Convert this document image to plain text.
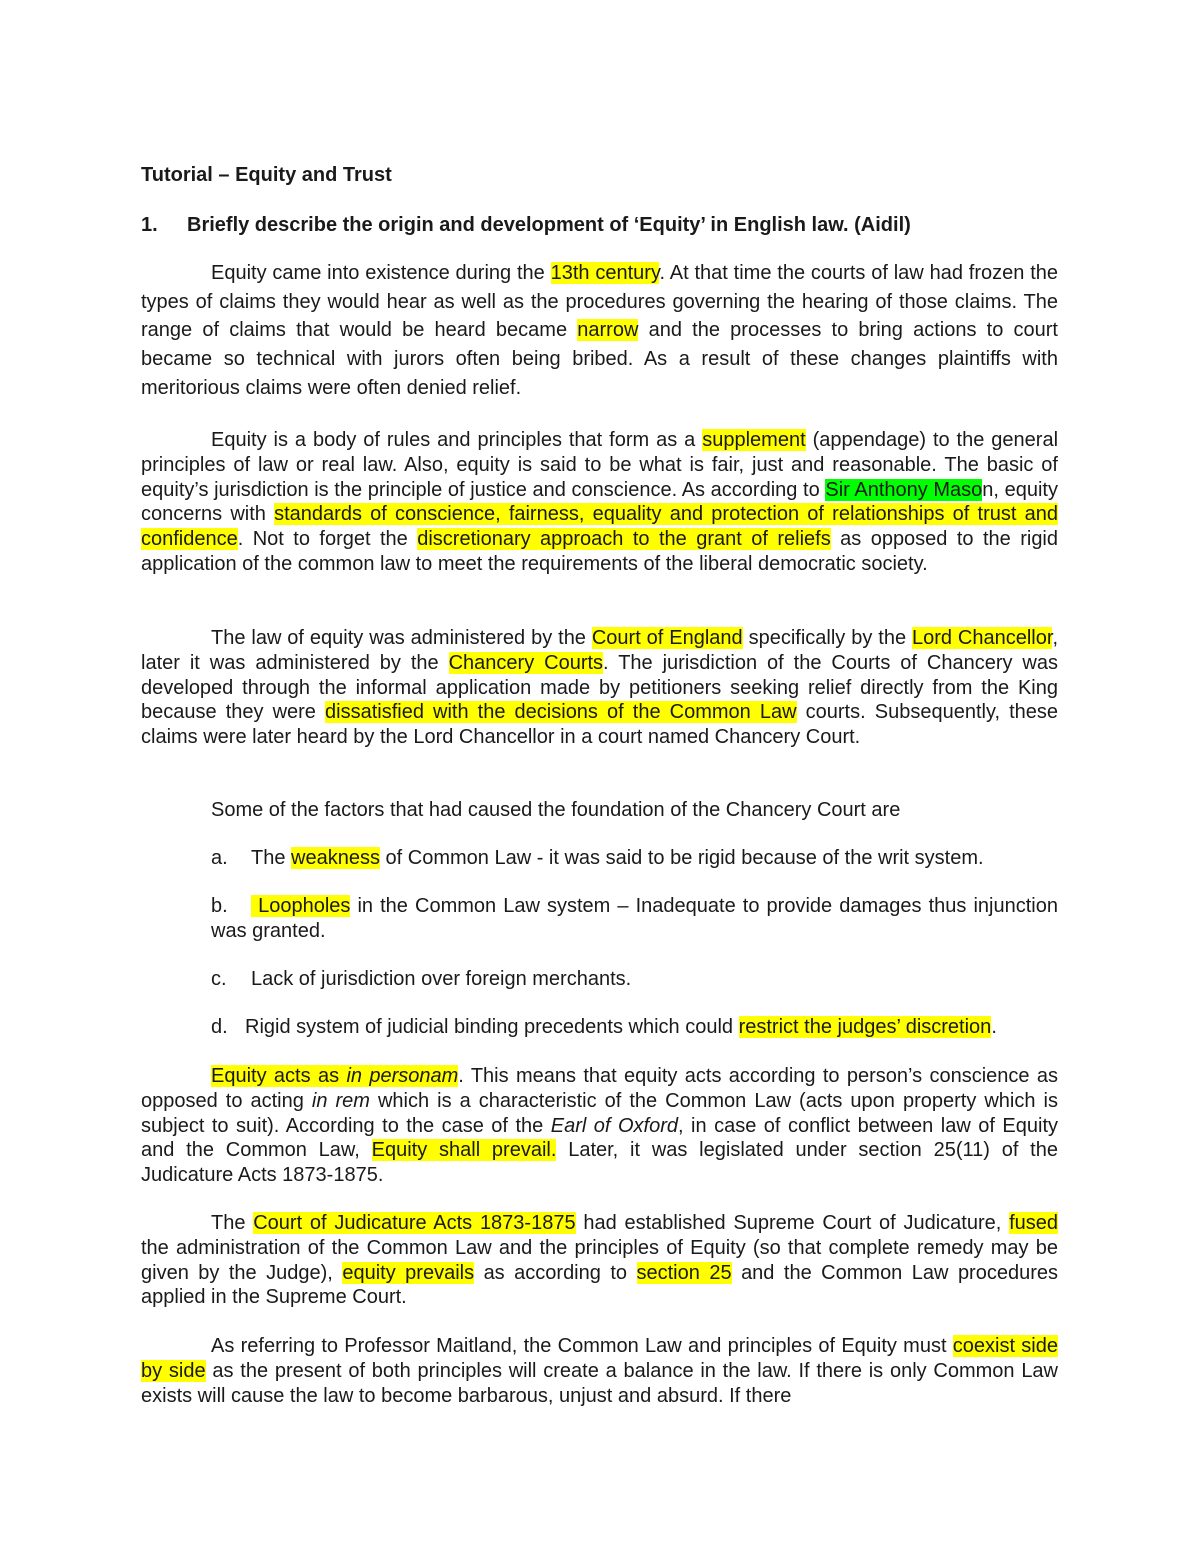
Tutorial – Equity and Trust

1. Briefly describe the origin and development of ‘Equity’ in English law. (Aidil)

Equity came into existence during the 13th century. At that time the courts of law had frozen the types of claims they would hear as well as the procedures governing the hearing of those claims. The range of claims that would be heard became narrow and the processes to bring actions to court became so technical with jurors often being bribed. As a result of these changes plaintiffs with meritorious claims were often denied relief.

Equity is a body of rules and principles that form as a supplement (appendage) to the general principles of law or real law. Also, equity is said to be what is fair, just and reasonable. The basic of equity’s jurisdiction is the principle of justice and conscience. As according to Sir Anthony Mason, equity concerns with standards of conscience, fairness, equality and protection of relationships of trust and confidence. Not to forget the discretionary approach to the grant of reliefs as opposed to the rigid application of the common law to meet the requirements of the liberal democratic society.

The law of equity was administered by the Court of England specifically by the Lord Chancellor, later it was administered by the Chancery Courts. The jurisdiction of the Courts of Chancery was developed through the informal application made by petitioners seeking relief directly from the King because they were dissatisfied with the decisions of the Common Law courts. Subsequently, these claims were later heard by the Lord Chancellor in a court named Chancery Court.

Some of the factors that had caused the foundation of the Chancery Court are

a. The weakness of Common Law - it was said to be rigid because of the writ system.

b. Loopholes in the Common Law system – Inadequate to provide damages thus injunction was granted.

c. Lack of jurisdiction over foreign merchants.

d. Rigid system of judicial binding precedents which could restrict the judges’ discretion.

Equity acts as in personam. This means that equity acts according to person’s conscience as opposed to acting in rem which is a characteristic of the Common Law (acts upon property which is subject to suit). According to the case of the Earl of Oxford, in case of conflict between law of Equity and the Common Law, Equity shall prevail. Later, it was legislated under section 25(11) of the Judicature Acts 1873-1875.

The Court of Judicature Acts 1873-1875 had established Supreme Court of Judicature, fused the administration of the Common Law and the principles of Equity (so that complete remedy may be given by the Judge), equity prevails as according to section 25 and the Common Law procedures applied in the Supreme Court.

As referring to Professor Maitland, the Common Law and principles of Equity must coexist side by side as the present of both principles will create a balance in the law. If there is only Common Law exists will cause the law to become barbarous, unjust and absurd. If there
